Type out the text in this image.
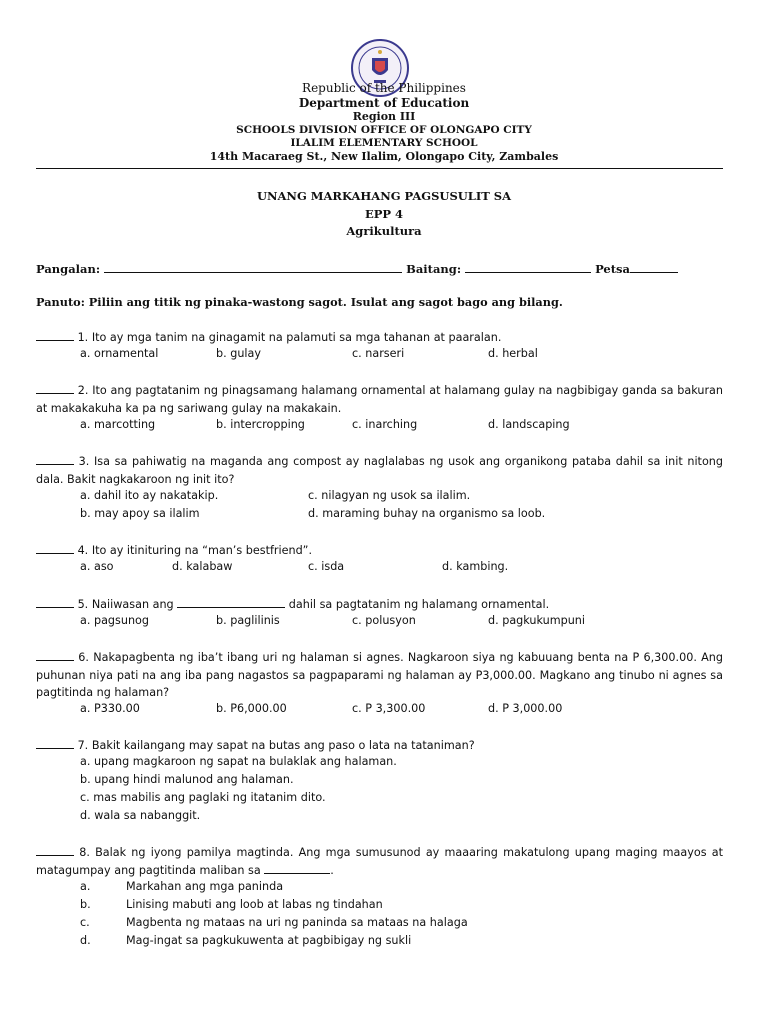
Republic of the Philippines
Department of Education
Region III
SCHOOLS DIVISION OFFICE OF OLONGAPO CITY
ILALIM ELEMENTARY SCHOOL
14th Macaraeg St., New Ilalim, Olongapo City, Zambales
UNANG MARKAHANG PAGSUSULIT SA
EPP 4
Agrikultura
Pangalan:	Baitang:	Petsa
Panuto: Piliin ang titik ng pinaka-wastong sagot. Isulat ang sagot bago ang bilang.
1. Ito ay mga tanim na ginagamit na palamuti sa mga tahanan at paaralan.
a. ornamental	b. gulay	c. narseri	d. herbal
2. Ito ang pagtatanim ng pinagsamang halamang ornamental at halamang gulay na nagbibigay ganda sa bakuran at makakakuha ka pa ng sariwang gulay na makakain.
a. marcotting	b. intercropping	c. inarching	d. landscaping
3. Isa sa pahiwatig na maganda ang compost ay naglalabas ng usok ang organikong pataba dahil sa init nitong dala. Bakit nagkakaroon ng init ito?
a. dahil ito ay nakatakip.	c. nilagyan ng usok sa ilalim.
b. may apoy sa ilalim	d. maraming buhay na organismo sa loob.
4. Ito ay itinituring na “man’s bestfriend”.
a. aso	d. kalabaw	c. isda	d. kambing.
5. Naiiwasan ang	dahil sa pagtatanim ng halamang ornamental.
a. pagsunog	b. paglilinis	c. polusyon	d. pagkukumpuni
6. Nakapagbenta ng iba’t ibang uri ng halaman si agnes. Nagkaroon siya ng kabuuang benta na P 6,300.00. Ang puhunan niya pati na ang iba pang nagastos sa pagpaparami ng halaman ay P3,000.00. Magkano ang tinubo ni agnes sa pagtitinda ng halaman?
a. P330.00	b. P6,000.00	c. P 3,300.00	d. P 3,000.00
7. Bakit kailangang may sapat na butas ang paso o lata na tataniman?
a. upang magkaroon ng sapat na bulaklak ang halaman.
b. upang hindi malunod ang halaman.
c. mas mabilis ang paglaki ng itatanim dito.
d. wala sa nabanggit.
8. Balak ng iyong pamilya magtinda. Ang mga sumusunod ay maaaring makatulong upang maging maayos at matagumpay ang pagtitinda maliban sa	.
a.	Markahan ang mga paninda
b.	Linising mabuti ang loob at labas ng tindahan
c.	Magbenta ng mataas na uri ng paninda sa mataas na halaga
d.	Mag-ingat sa pagkukuwenta at pagbibigay ng sukli
